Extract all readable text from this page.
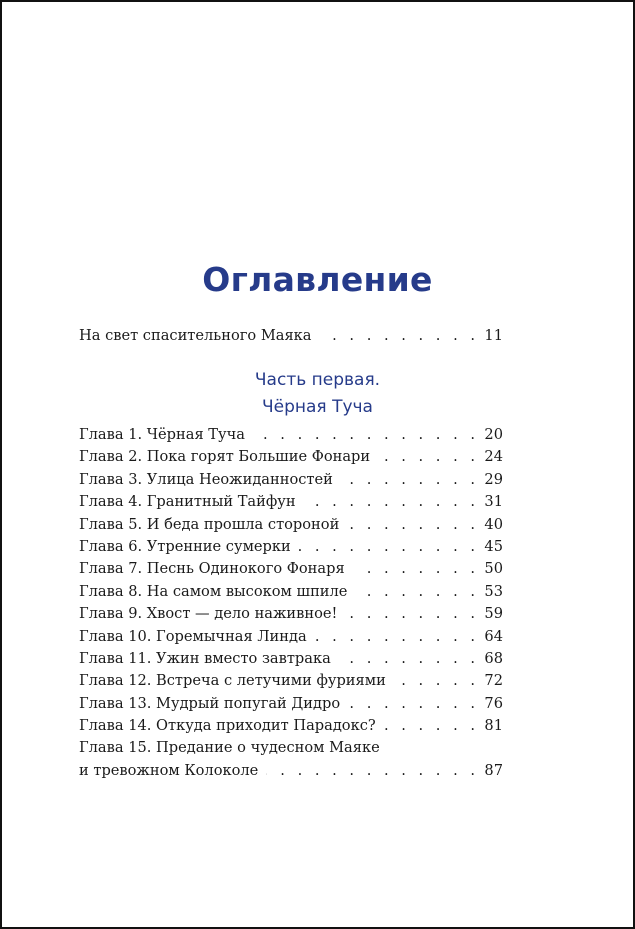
Оглавление
На свет спасительного Маяка . . .	11
Часть первая.
Чёрная Туча
Глава 1. Чёрная Туча . . .	20
Глава 2. Пока горят Большие Фонари . . .	24
Глава 3. Улица Неожиданностей . . .	29
Глава 4. Гранитный Тайфун . . .	31
Глава 5. И беда прошла стороной . . .	40
Глава 6. Утренние сумерки . . .	45
Глава 7. Песнь Одинокого Фонаря . . .	50
Глава 8. На самом высоком шпиле . . .	53
Глава 9. Хвост — дело наживное! . . .	59
Глава 10. Горемычная Линда . . .	64
Глава 11. Ужин вместо завтрака . . .	68
Глава 12. Встреча с летучими фуриями . . .	72
Глава 13. Мудрый попугай Дидро . . .	76
Глава 14. Откуда приходит Парадокс? . . .	81
Глава 15. Предание о чудесном Маяке
и тревожном Колоколе . . .	87
